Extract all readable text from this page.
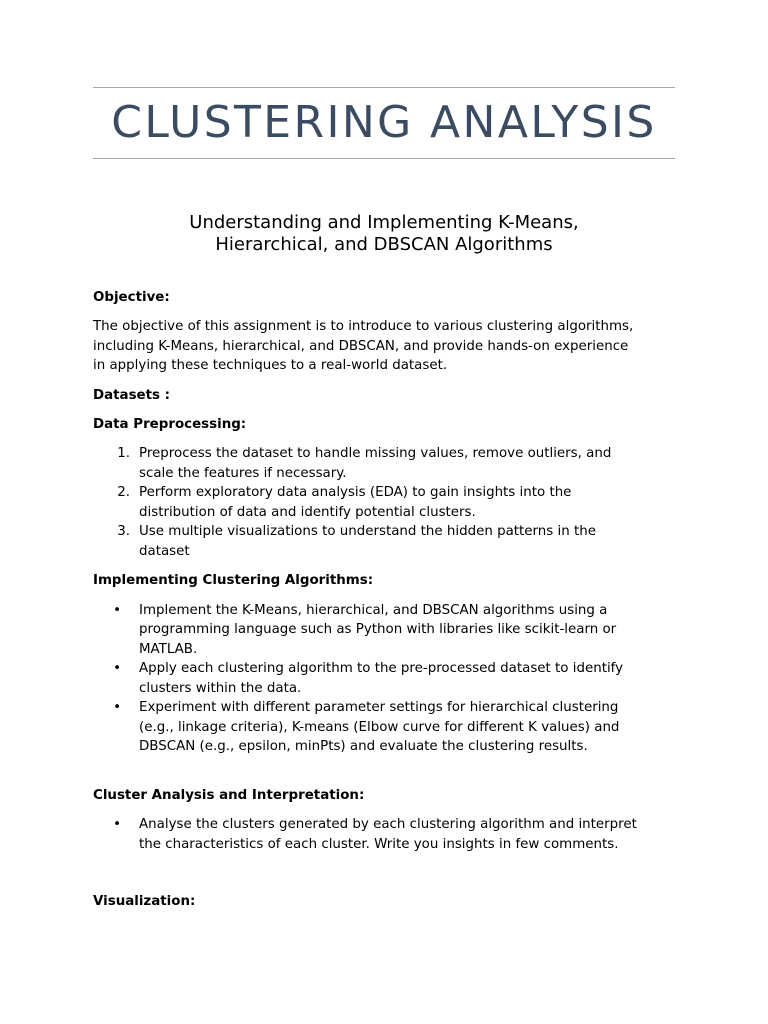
CLUSTERING ANALYSIS
Understanding and Implementing K-Means,
Hierarchical, and DBSCAN Algorithms
Objective:

The objective of this assignment is to introduce to various clustering algorithms,
including K-Means, hierarchical, and DBSCAN, and provide hands-on experience
in applying these techniques to a real-world dataset.

Datasets :
Data Preprocessing:
1. Preprocess the dataset to handle missing values, remove outliers, and
scale the features if necessary.
2. Perform exploratory data analysis (EDA) to gain insights into the
distribution of data and identify potential clusters.
3. Use multiple visualizations to understand the hidden patterns in the
dataset
Implementing Clustering Algorithms:
• Implement the K-Means, hierarchical, and DBSCAN algorithms using a
programming language such as Python with libraries like scikit-learn or
MATLAB.
• Apply each clustering algorithm to the pre-processed dataset to identify
clusters within the data.
• Experiment with different parameter settings for hierarchical clustering
(e.g., linkage criteria), K-means (Elbow curve for different K values) and
DBSCAN (e.g., epsilon, minPts) and evaluate the clustering results.
Cluster Analysis and Interpretation:
• Analyse the clusters generated by each clustering algorithm and interpret
the characteristics of each cluster. Write you insights in few comments.
Visualization:
